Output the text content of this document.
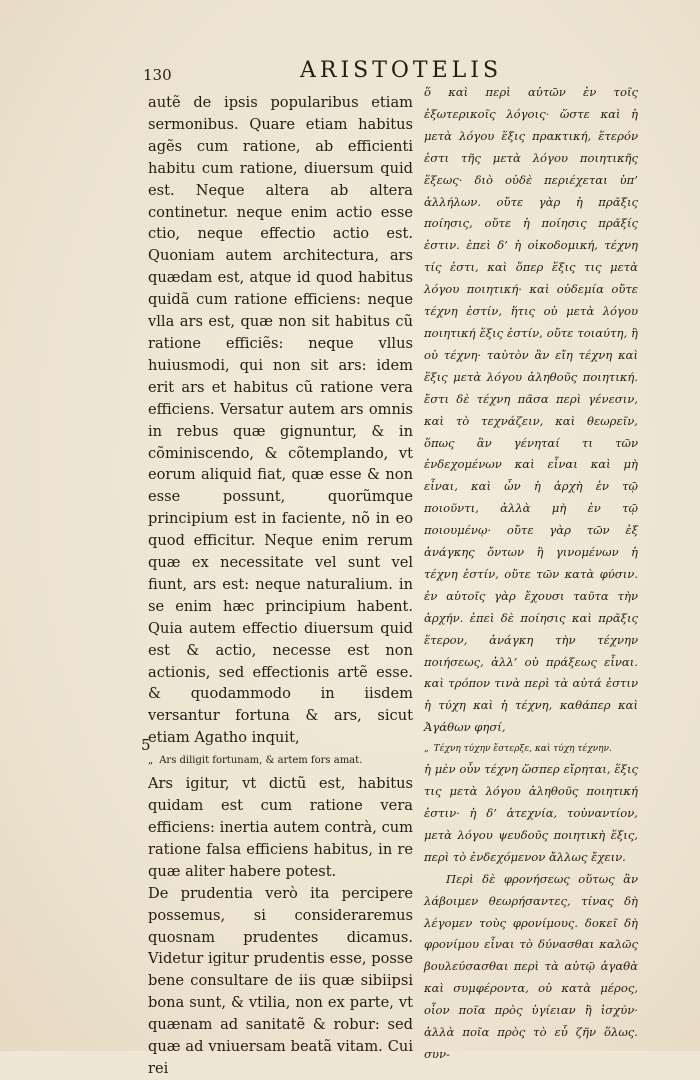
130	ARISTOTELIS

autẽ de ipsis popularibus etiam sermonibus. Quare etiam habitus agẽs cum ratione, ab efficienti habitu cum ratione, diuersum quid est. Neque altera ab altera continetur. neque enim actio esse ctio, neque effectio actio est. Quoniam autem architectura, ars quædam est, atque id quod habitus quidã cum ratione efficiens: neque vlla ars est, quæ non sit habitus cũ ratione efficiẽs: neque vllus huiusmodi, qui non sit ars: idem erit ars et habitus cũ ratione vera efficiens. Versatur autem ars omnis in rebus quæ gignuntur, & in cõminiscendo, & cõtemplando, vt eorum aliquid fiat, quæ esse & non esse possunt, quorũmque principium est in faciente, nõ in eo quod efficitur. Neque enim rerum quæ ex necessitate vel sunt vel fiunt, ars est: neque naturalium. in se enim hæc principium habent. Quia autem effectio diuersum quid est & actio, necesse est non actionis, sed effectionis artẽ esse. & quodammodo in iisdem versantur fortuna & ars, sicut etiam Agatho inquit,

„ Ars diligit fortunam, & artem fors amat.

Ars igitur, vt dictũ est, habitus quidam est cum ratione vera efficiens: inertia autem contrà, cum ratione falsa efficiens habitus, in re quæ aliter habere potest.

De prudentia verò ita percipere possemus, si consideraremus quosnam prudentes dicamus. Videtur igitur prudentis esse, posse bene consultare de iis quæ sibiipsi bona sunt, & vtilia, non ex parte, vt quænam ad sanitatẽ & robur: sed quæ ad vniuersam beatã vitam. Cui rei

5

ὅ καὶ περὶ αὐτῶν ἐν τοῖς ἐξωτερικοῖς λόγοις· ὥστε καὶ ἡ μετὰ λόγου ἕξις πρακτική, ἕτερόν ἐστι τῆς μετὰ λόγου ποιητικῆς ἕξεως· διὸ οὐδὲ περιέχεται ὑπ’ ἀλλήλων. οὔτε γὰρ ἡ πρᾶξις ποίησις, οὔτε ἡ ποίησις πρᾶξίς ἐστιν. ἐπεὶ δ’ ἡ οἰκοδομική, τέχνη τίς ἐστι, καὶ ὅπερ ἕξις τις μετὰ λόγου ποιητική· καὶ οὐδεμία οὔτε τέχνη ἐστίν, ἥτις οὐ μετὰ λόγου ποιητική ἕξις ἐστίν, οὔτε τοιαύτη, ἣ οὐ τέχνη· ταὐτὸν ἂν εἴη τέχνη καὶ ἕξις μετὰ λόγου ἀληθοῦς ποιητική. ἔστι δὲ τέχνη πᾶσα περὶ γένεσιν, καὶ τὸ τεχνάζειν, καὶ θεωρεῖν, ὅπως ἂν γένηταί τι τῶν ἐνδεχομένων καὶ εἶναι καὶ μὴ εἶναι, καὶ ὧν ἡ ἀρχὴ ἐν τῷ ποιοῦντι, ἀλλὰ μὴ ἐν τῷ ποιουμένῳ· οὔτε γὰρ τῶν ἐξ ἀνάγκης ὄντων ἢ γινομένων ἡ τέχνη ἐστίν, οὔτε τῶν κατὰ φύσιν. ἐν αὑτοῖς γὰρ ἔχουσι ταῦτα τὴν ἀρχήν. ἐπεὶ δὲ ποίησις καὶ πρᾶξις ἕτερον, ἀνάγκη τὴν τέχνην ποιήσεως, ἀλλ’ οὐ πράξεως εἶναι. καὶ τρόπον τινὰ περὶ τὰ αὐτά ἐστιν ἡ τύχη καὶ ἡ τέχνη, καθάπερ καὶ Ἀγάθων φησί,

„ Τέχνη τύχην ἔστερξε, καὶ τύχη τέχνην.

ἡ μὲν οὖν τέχνη ὥσπερ εἴρηται, ἕξις τις μετὰ λόγου ἀληθοῦς ποιητική ἐστιν· ἡ δ’ ἀτεχνία, τοὐναντίον, μετὰ λόγου ψευδοῦς ποιητικὴ ἕξις, περὶ τὸ ἐνδεχόμενον ἄλλως ἔχειν.

Περὶ δὲ φρονήσεως οὕτως ἂν λάβοιμεν θεωρήσαντες, τίνας δὴ λέγομεν τοὺς φρονίμους. δοκεῖ δὴ φρονίμου εἶναι τὸ δύνασθαι καλῶς βουλεύσασθαι περὶ τὰ αὐτῷ ἀγαθὰ καὶ συμφέροντα, οὐ κατὰ μέρος, οἷον ποῖα πρὸς ὑγίειαν ἢ ἰσχύν· ἀλλὰ ποῖα πρὸς τὸ εὖ ζῆν ὅλως. συν-
